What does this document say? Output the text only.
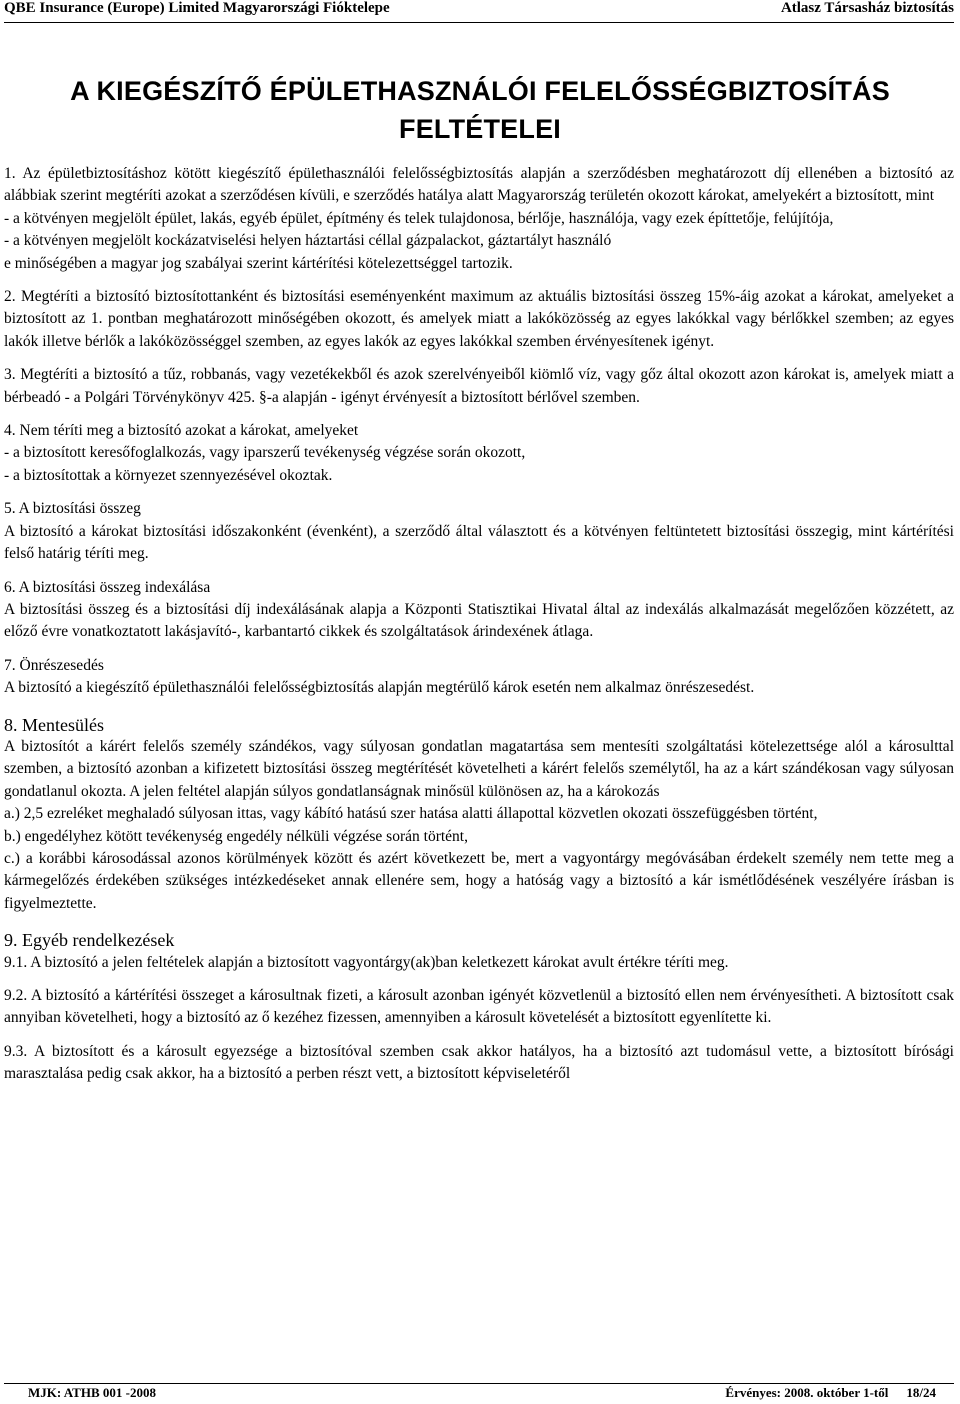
QBE Insurance (Europe) Limited Magyarországi Fióktelepe	Atlasz Társasház biztosítás
A KIEGÉSZÍTŐ ÉPÜLETHASZNÁLÓI FELELŐSSÉGBIZTOSÍTÁS
FELTÉTELEI

1. Az épületbiztosításhoz kötött kiegészítő épülethasználói felelősségbiztosítás alapján a szerződésben meghatározott díj ellenében a biztosító az alábbiak szerint megtéríti azokat a szerződésen kívüli, e szerződés hatálya alatt Magyarország területén okozott károkat, amelyekért a biztosított, mint

- a kötvényen megjelölt épület, lakás, egyéb épület, építmény és telek tulajdonosa, bérlője, használója, vagy ezek építtetője, felújítója,

- a kötvényen megjelölt kockázatviselési helyen háztartási céllal gázpalackot, gáztartályt használó

e minőségében a magyar jog szabályai szerint kártérítési kötelezettséggel tartozik.

2. Megtéríti a biztosító biztosítottanként és biztosítási eseményenként maximum az aktuális biztosítási összeg 15%-áig azokat a károkat, amelyeket a biztosított az 1. pontban meghatározott minőségében okozott, és amelyek miatt a lakóközösség az egyes lakókkal vagy bérlőkkel szemben; az egyes lakók illetve bérlők a lakóközösséggel szemben, az egyes lakók az egyes lakókkal szemben érvényesítenek igényt.

3. Megtéríti a biztosító a tűz, robbanás, vagy vezetékekből és azok szerelvényeiből kiömlő víz, vagy gőz által okozott azon károkat is, amelyek miatt a bérbeadó - a Polgári Törvénykönyv 425. §-a alapján - igényt érvényesít a biztosított bérlővel szemben.

4. Nem téríti meg a biztosító azokat a károkat, amelyeket

- a biztosított keresőfoglalkozás, vagy iparszerű tevékenység végzése során okozott,

- a biztosítottak a környezet szennyezésével okoztak.

5. A biztosítási összeg

A biztosító a károkat biztosítási időszakonként (évenként), a szerződő által választott és a kötvényen feltüntetett biztosítási összegig, mint kártérítési felső határig téríti meg.

6. A biztosítási összeg indexálása

A biztosítási összeg és a biztosítási díj indexálásának alapja a Központi Statisztikai Hivatal által az indexálás alkalmazását megelőzően közzétett, az előző évre vonatkoztatott lakásjavító-, karbantartó cikkek és szolgáltatások árindexének átlaga.

7. Önrészesedés

A biztosító a kiegészítő épülethasználói felelősségbiztosítás alapján megtérülő károk esetén nem alkalmaz önrészesedést.

8. Mentesülés

A biztosítót a kárért felelős személy szándékos, vagy súlyosan gondatlan magatartása sem mentesíti szolgáltatási kötelezettsége alól a károsulttal szemben, a biztosító azonban a kifizetett biztosítási összeg megtérítését követelheti a kárért felelős személytől, ha az a kárt szándékosan vagy súlyosan gondatlanul okozta. A jelen feltétel alapján súlyos gondatlanságnak minősül különösen az, ha a károkozás

a.) 2,5 ezreléket meghaladó súlyosan ittas, vagy kábító hatású szer hatása alatti állapottal közvetlen okozati összefüggésben történt,

b.) engedélyhez kötött tevékenység engedély nélküli végzése során történt,

c.) a korábbi károsodással azonos körülmények között és azért következett be, mert a vagyontárgy megóvásában érdekelt személy nem tette meg a kármegelőzés érdekében szükséges intézkedéseket annak ellenére sem, hogy a hatóság vagy a biztosító a kár ismétlődésének veszélyére írásban is figyelmeztette.

9. Egyéb rendelkezések

9.1. A biztosító a jelen feltételek alapján a biztosított vagyontárgy(ak)ban keletkezett károkat avult értékre téríti meg.

9.2. A biztosító a kártérítési összeget a károsultnak fizeti, a károsult azonban igényét közvetlenül a biztosító ellen nem érvényesítheti. A biztosított csak annyiban követelheti, hogy a biztosító az ő kezéhez fizessen, amennyiben a károsult követelését a biztosított egyenlítette ki.

9.3. A biztosított és a károsult egyezsége a biztosítóval szemben csak akkor hatályos, ha a biztosító azt tudomásul vette, a biztosított bírósági marasztalása pedig csak akkor, ha a biztosító a perben részt vett, a biztosított képviseletéről

MJK: ATHB 001 -2008	Érvényes: 2008. október 1-től 18/24
